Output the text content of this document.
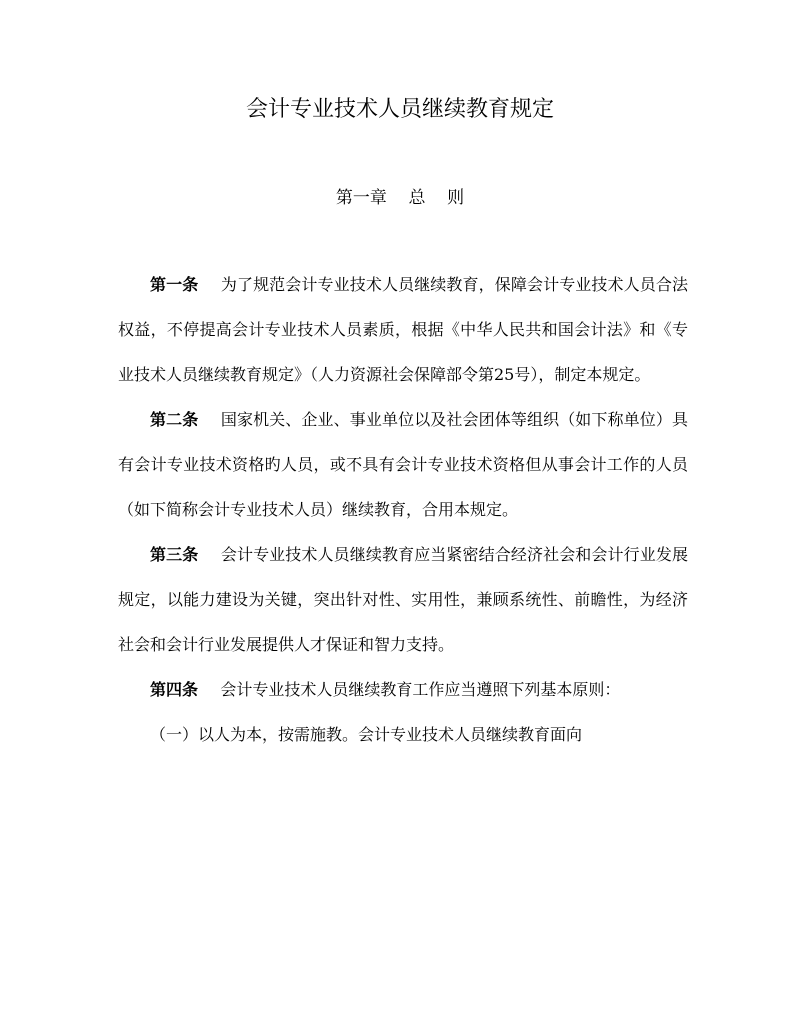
会计专业技术人员继续教育规定
第一章    总    则

第一条 为了规范会计专业技术人员继续教育，保障会计专业技术人员合法权益，不停提高会计专业技术人员素质，根据《中华人民共和国会计法》和《专业技术人员继续教育规定》（人力资源社会保障部令第25号），制定本规定。

第二条 国家机关、企业、事业单位以及社会团体等组织（如下称单位）具有会计专业技术资格旳人员，或不具有会计专业技术资格但从事会计工作的人员（如下简称会计专业技术人员）继续教育，合用本规定。

第三条 会计专业技术人员继续教育应当紧密结合经济社会和会计行业发展规定，以能力建设为关键，突出针对性、实用性，兼顾系统性、前瞻性，为经济社会和会计行业发展提供人才保证和智力支持。

第四条 会计专业技术人员继续教育工作应当遵照下列基本原则：

（一）以人为本，按需施教。会计专业技术人员继续教育面向
